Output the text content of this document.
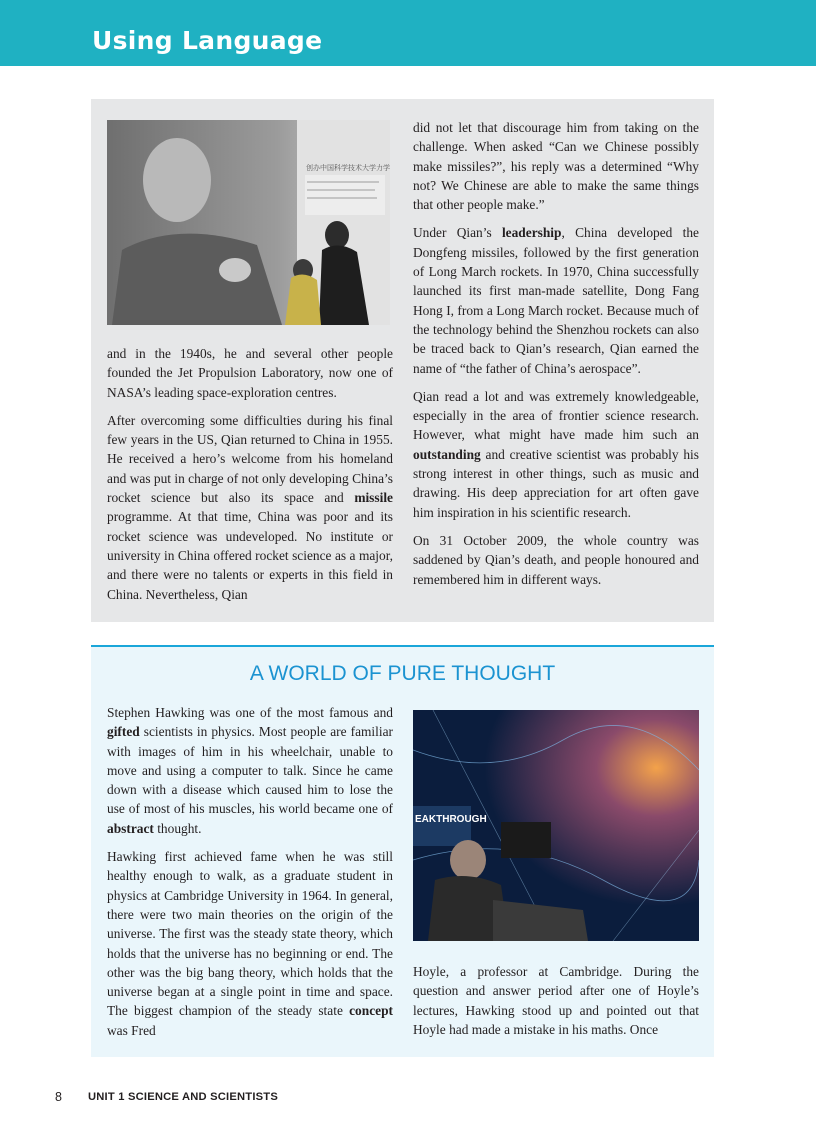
Using Language
创办中国科学技术大学力学

and in the 1940s, he and several other people founded the Jet Propulsion Laboratory, now one of NASA’s leading space-exploration centres.

After overcoming some difficulties during his final few years in the US, Qian returned to China in 1955. He received a hero’s welcome from his homeland and was put in charge of not only developing China’s rocket science but also its space and missile programme. At that time, China was poor and its rocket science was undeveloped. No institute or university in China offered rocket science as a major, and there were no talents or experts in this field in China. Nevertheless, Qian

did not let that discourage him from taking on the challenge. When asked “Can we Chinese possibly make missiles?”, his reply was a determined “Why not? We Chinese are able to make the same things that other people make.”

Under Qian’s leadership, China developed the Dongfeng missiles, followed by the first generation of Long March rockets. In 1970, China successfully launched its first man-made satellite, Dong Fang Hong I, from a Long March rocket. Because much of the technology behind the Shenzhou rockets can also be traced back to Qian’s research, Qian earned the name of “the father of China’s aerospace”.

Qian read a lot and was extremely knowledgeable, especially in the area of frontier science research. However, what might have made him such an outstanding and creative scientist was probably his strong interest in other things, such as music and drawing. His deep appreciation for art often gave him inspiration in his scientific research.

On 31 October 2009, the whole country was saddened by Qian’s death, and people honoured and remembered him in different ways.

A WORLD OF PURE THOUGHT
EAKTHROUGH

Stephen Hawking was one of the most famous and gifted scientists in physics. Most people are familiar with images of him in his wheelchair, unable to move and using a computer to talk. Since he came down with a disease which caused him to lose the use of most of his muscles, his world became one of abstract thought.

Hawking first achieved fame when he was still healthy enough to walk, as a graduate student in physics at Cambridge University in 1964. In general, there were two main theories on the origin of the universe. The first was the steady state theory, which holds that the universe has no beginning or end. The other was the big bang theory, which holds that the universe began at a single point in time and space. The biggest champion of the steady state concept was Fred

Hoyle, a professor at Cambridge. During the question and answer period after one of Hoyle’s lectures, Hawking stood up and pointed out that Hoyle had made a mistake in his maths. Once

8 UNIT 1 SCIENCE AND SCIENTISTS
